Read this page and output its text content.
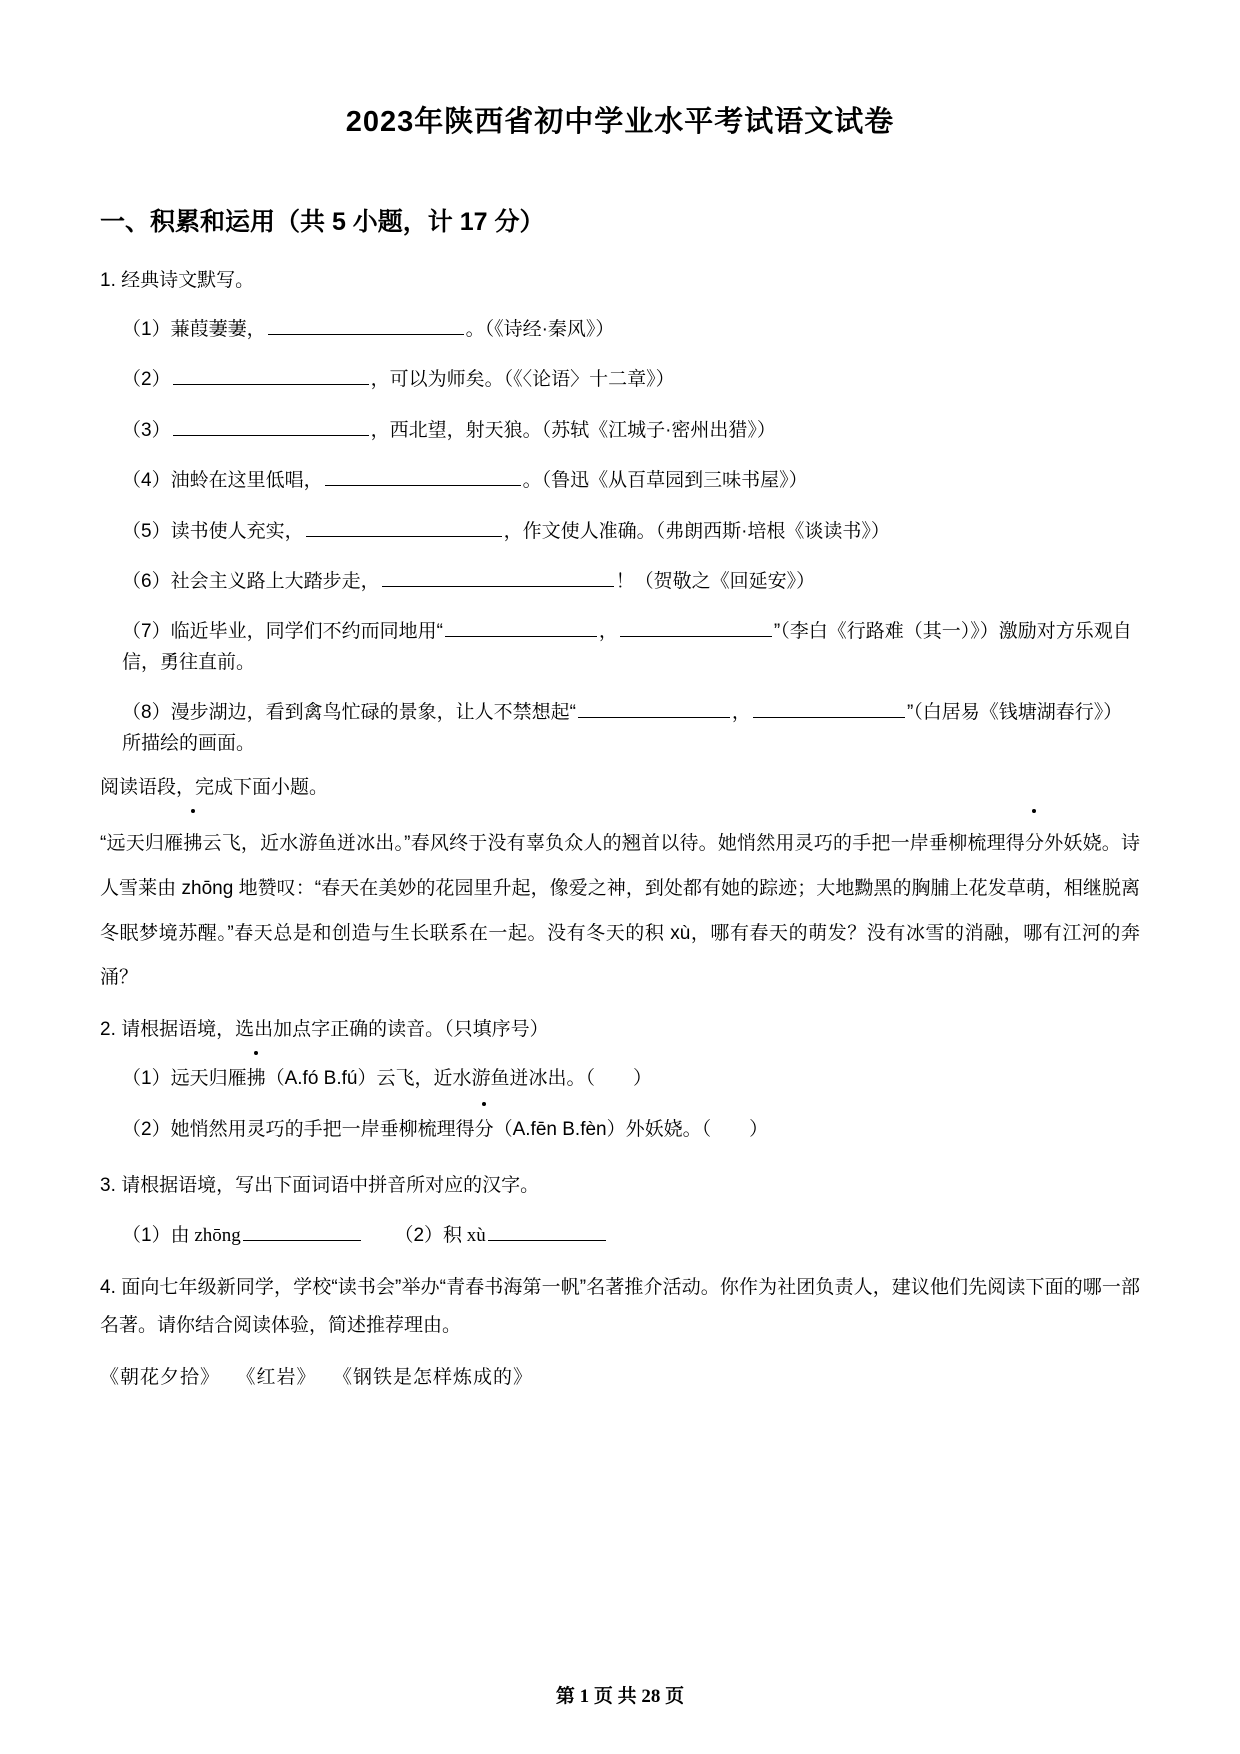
2023年陕西省初中学业水平考试语文试卷
一、积累和运用（共 5 小题，计 17 分）
1. 经典诗文默写。
（1）蒹葭萋萋，	。（《诗经·秦风》）
（2）	，可以为师矣。（《〈论语〉十二章》）
（3）	，西北望，射天狼。（苏轼《江城子·密州出猎》）
（4）油蛉在这里低唱，	。（鲁迅《从百草园到三味书屋》）
（5）读书使人充实，	，作文使人准确。（弗朗西斯·培根《谈读书》）
（6）社会主义路上大踏步走，	！（贺敬之《回延安》）
（7）临近毕业，同学们不约而同地用“	，	”（李白《行路难（其一）》）激励对方乐观自信，勇往直前。
（8）漫步湖边，看到禽鸟忙碌的景象，让人不禁想起“	，	”（白居易《钱塘湖春行》）所描绘的画面。
阅读语段，完成下面小题。
“远天归雁拂云飞，近水游鱼迸冰出。”春风终于没有辜负众人的翘首以待。她悄然用灵巧的手把一岸垂柳梳理得分外妖娆。诗人雪莱由 zhōng 地赞叹：“春天在美妙的花园里升起，像爱之神，到处都有她的踪迹；大地黝黑的胸脯上花发草萌，相继脱离冬眠梦境苏醒。”春天总是和创造与生长联系在一起。没有冬天的积 xù，哪有春天的萌发？没有冰雪的消融，哪有江河的奔涌？
2. 请根据语境，选出加点字正确的读音。（只填序号）
（1）远天归雁拂（A.fó B.fú）云飞，近水游鱼迸冰出。（　　）
（2）她悄然用灵巧的手把一岸垂柳梳理得分（A.fēn B.fèn）外妖娆。（　　）
3. 请根据语境，写出下面词语中拼音所对应的汉字。
（1）由 zhōng	（2）积 xù
4. 面向七年级新同学，学校“读书会”举办“青春书海第一帆”名著推介活动。你作为社团负责人，建议他们先阅读下面的哪一部名著。请你结合阅读体验，简述推荐理由。
《朝花夕拾》 《红岩》 《钢铁是怎样炼成的》
第 1 页 共 28 页
